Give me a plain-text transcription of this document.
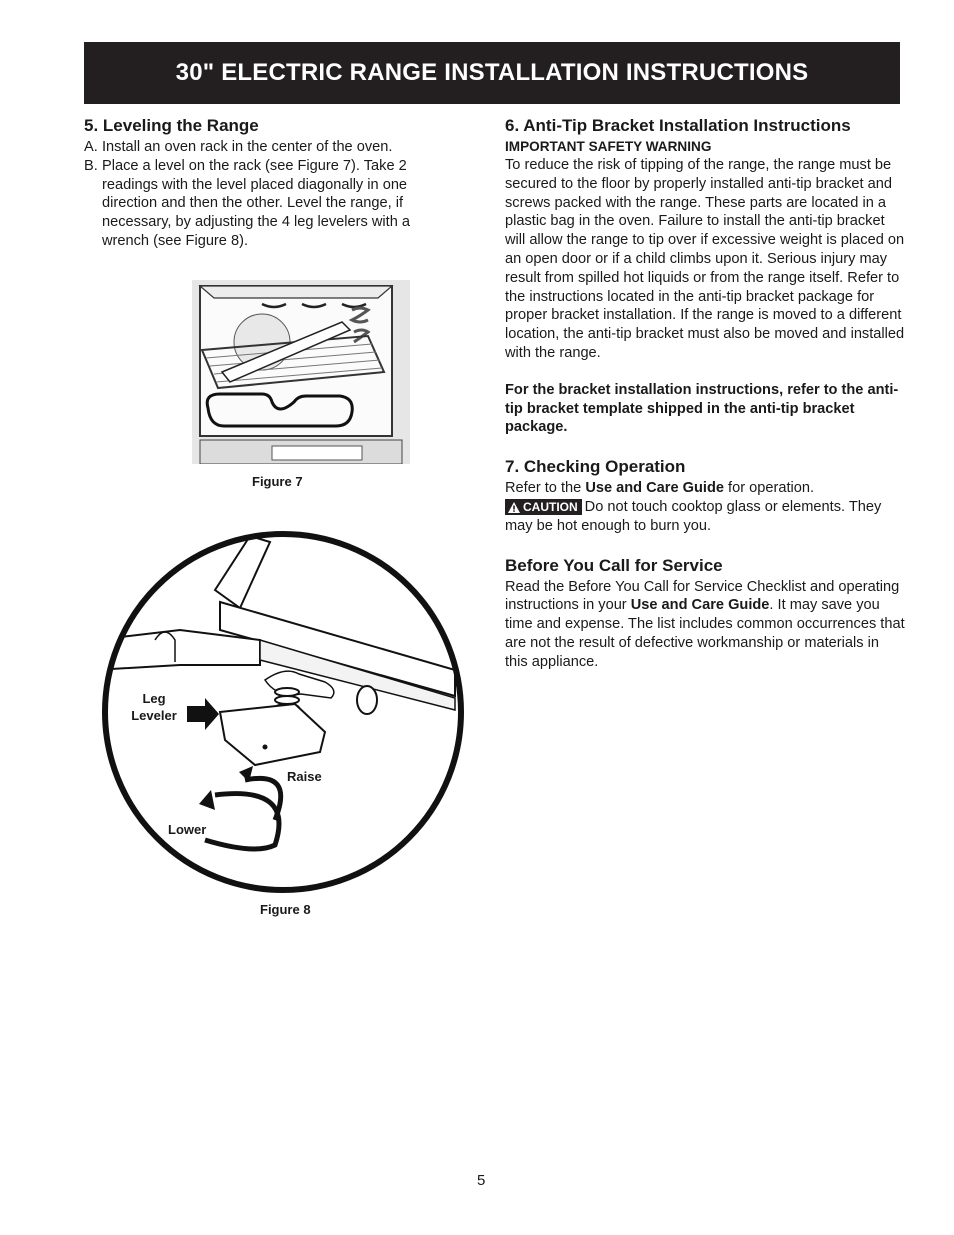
30" ELECTRIC RANGE INSTALLATION INSTRUCTIONS
5. Leveling the Range
A. Install an oven rack in the center of the oven.
B. Place a level on the rack (see Figure 7). Take 2 readings with the level placed diagonally in one direction and then the other. Level the range, if necessary, by adjusting the 4 leg levelers with a wrench (see Figure 8).
Figure 7
Leg
Leveler
Raise
Lower
Figure 8
6. Anti-Tip Bracket Installation Instructions
IMPORTANT SAFETY WARNING

To reduce the risk of tipping of the range, the range must be secured to the floor by properly installed anti-tip bracket and screws packed with the range. These parts are located in a plastic bag in the oven. Failure to install the anti-tip bracket will allow the range to tip over if excessive weight is placed on an open door or if a child climbs upon it. Serious injury may result from spilled hot liquids or from the range itself. Refer to the instructions located in the anti-tip bracket package for proper bracket installation. If the range is moved to a different location, the anti-tip bracket must also be moved and installed with the range.

For the bracket installation instructions, refer to the anti-tip bracket template shipped in the anti-tip bracket package.

7. Checking Operation

Refer to the Use and Care Guide for operation.

CAUTION Do not touch cooktop glass or elements. They may be hot enough to burn you.

Before You Call for Service

Read the Before You Call for Service Checklist and operating instructions in your Use and Care Guide. It may save you time and expense. The list includes common occurrences that are not the result of defective workmanship or materials in this appliance.

5
